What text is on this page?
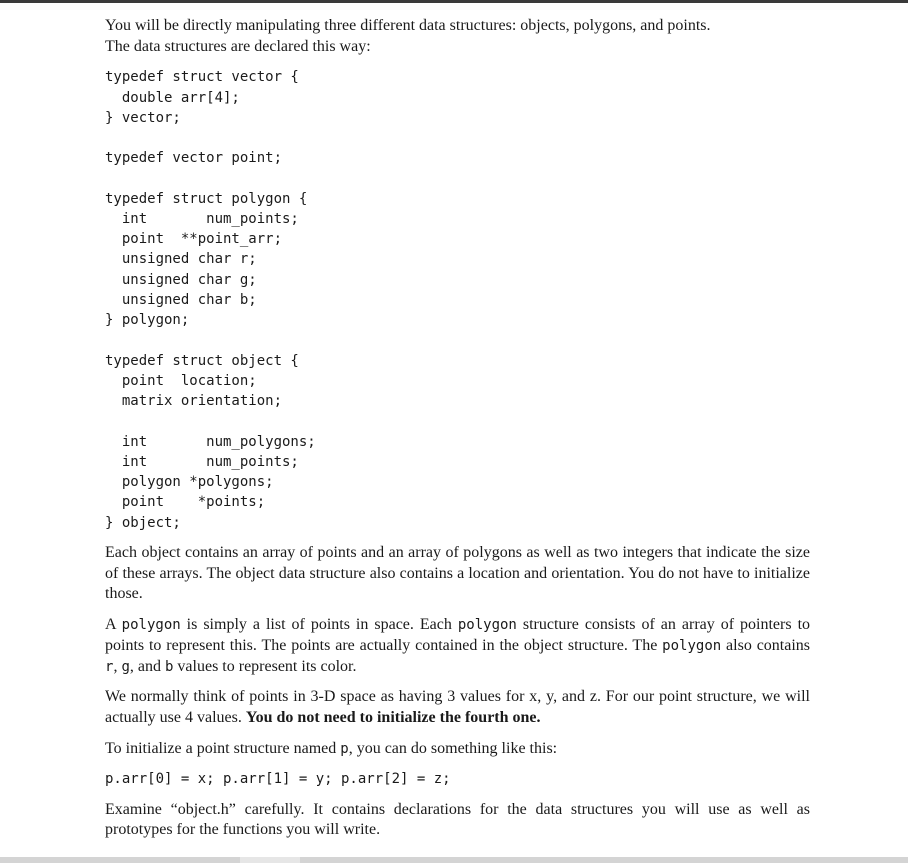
You will be directly manipulating three different data structures: objects, polygons, and points.
The data structures are declared this way:

typedef struct vector {
double arr[4];
} vector;
typedef vector point;
typedef struct polygon {
int       num_points;
point  **point_arr;
unsigned char r;
unsigned char g;
unsigned char b;
} polygon;
typedef struct object {
point  location;
matrix orientation;
int       num_polygons;
int       num_points;
polygon *polygons;
point    *points;
} object;

Each object contains an array of points and an array of polygons as well as two integers that indicate the size of these arrays. The object data structure also contains a location and orientation. You do not have to initialize those.

A polygon is simply a list of points in space. Each polygon structure consists of an array of pointers to points to represent this. The points are actually contained in the object structure. The polygon also contains r, g, and b values to represent its color.

We normally think of points in 3-D space as having 3 values for x, y, and z. For our point structure, we will actually use 4 values. You do not need to initialize the fourth one.

To initialize a point structure named p, you can do something like this:

p.arr[0] = x; p.arr[1] = y; p.arr[2] = z;

Examine “object.h” carefully. It contains declarations for the data structures you will use as well as prototypes for the functions you will write.
